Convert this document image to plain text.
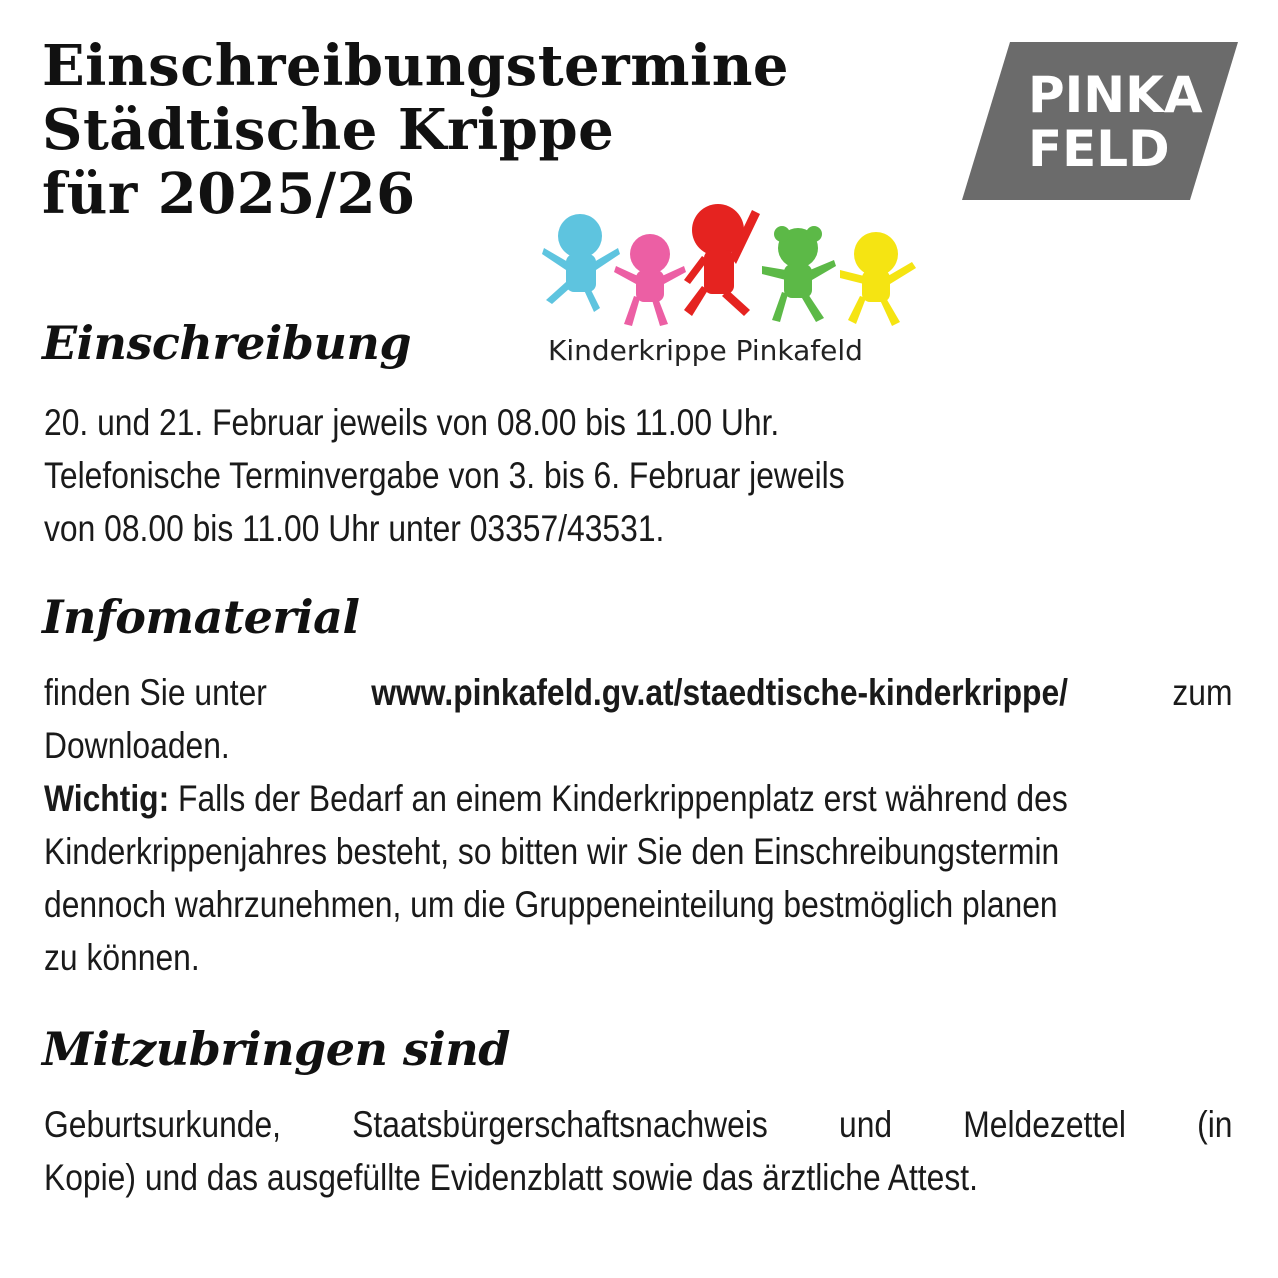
Einschreibungstermine
Städtische Krippe
für 2025/26
PINKA
FELD
Kinderkrippe Pinkafeld
Einschreibung
20. und 21. Februar jeweils von 08.00 bis 11.00 Uhr.
Telefonische Terminvergabe von 3. bis 6. Februar jeweils
von 08.00 bis 11.00 Uhr unter 03357/43531.
Infomaterial
finden Sie unter	www.pinkafeld.gv.at/staedtische-kinderkrippe/	zum
Downloaden.
Wichtig: Falls der Bedarf an einem Kinderkrippenplatz erst während des
Kinderkrippenjahres besteht, so bitten wir Sie den Einschreibungstermin
dennoch wahrzunehmen, um die Gruppeneinteilung bestmöglich planen
zu können.
Mitzubringen sind
Geburtsurkunde, Staatsbürgerschaftsnachweis und Meldezettel (in
Kopie) und das ausgefüllte Evidenzblatt sowie das ärztliche Attest.
